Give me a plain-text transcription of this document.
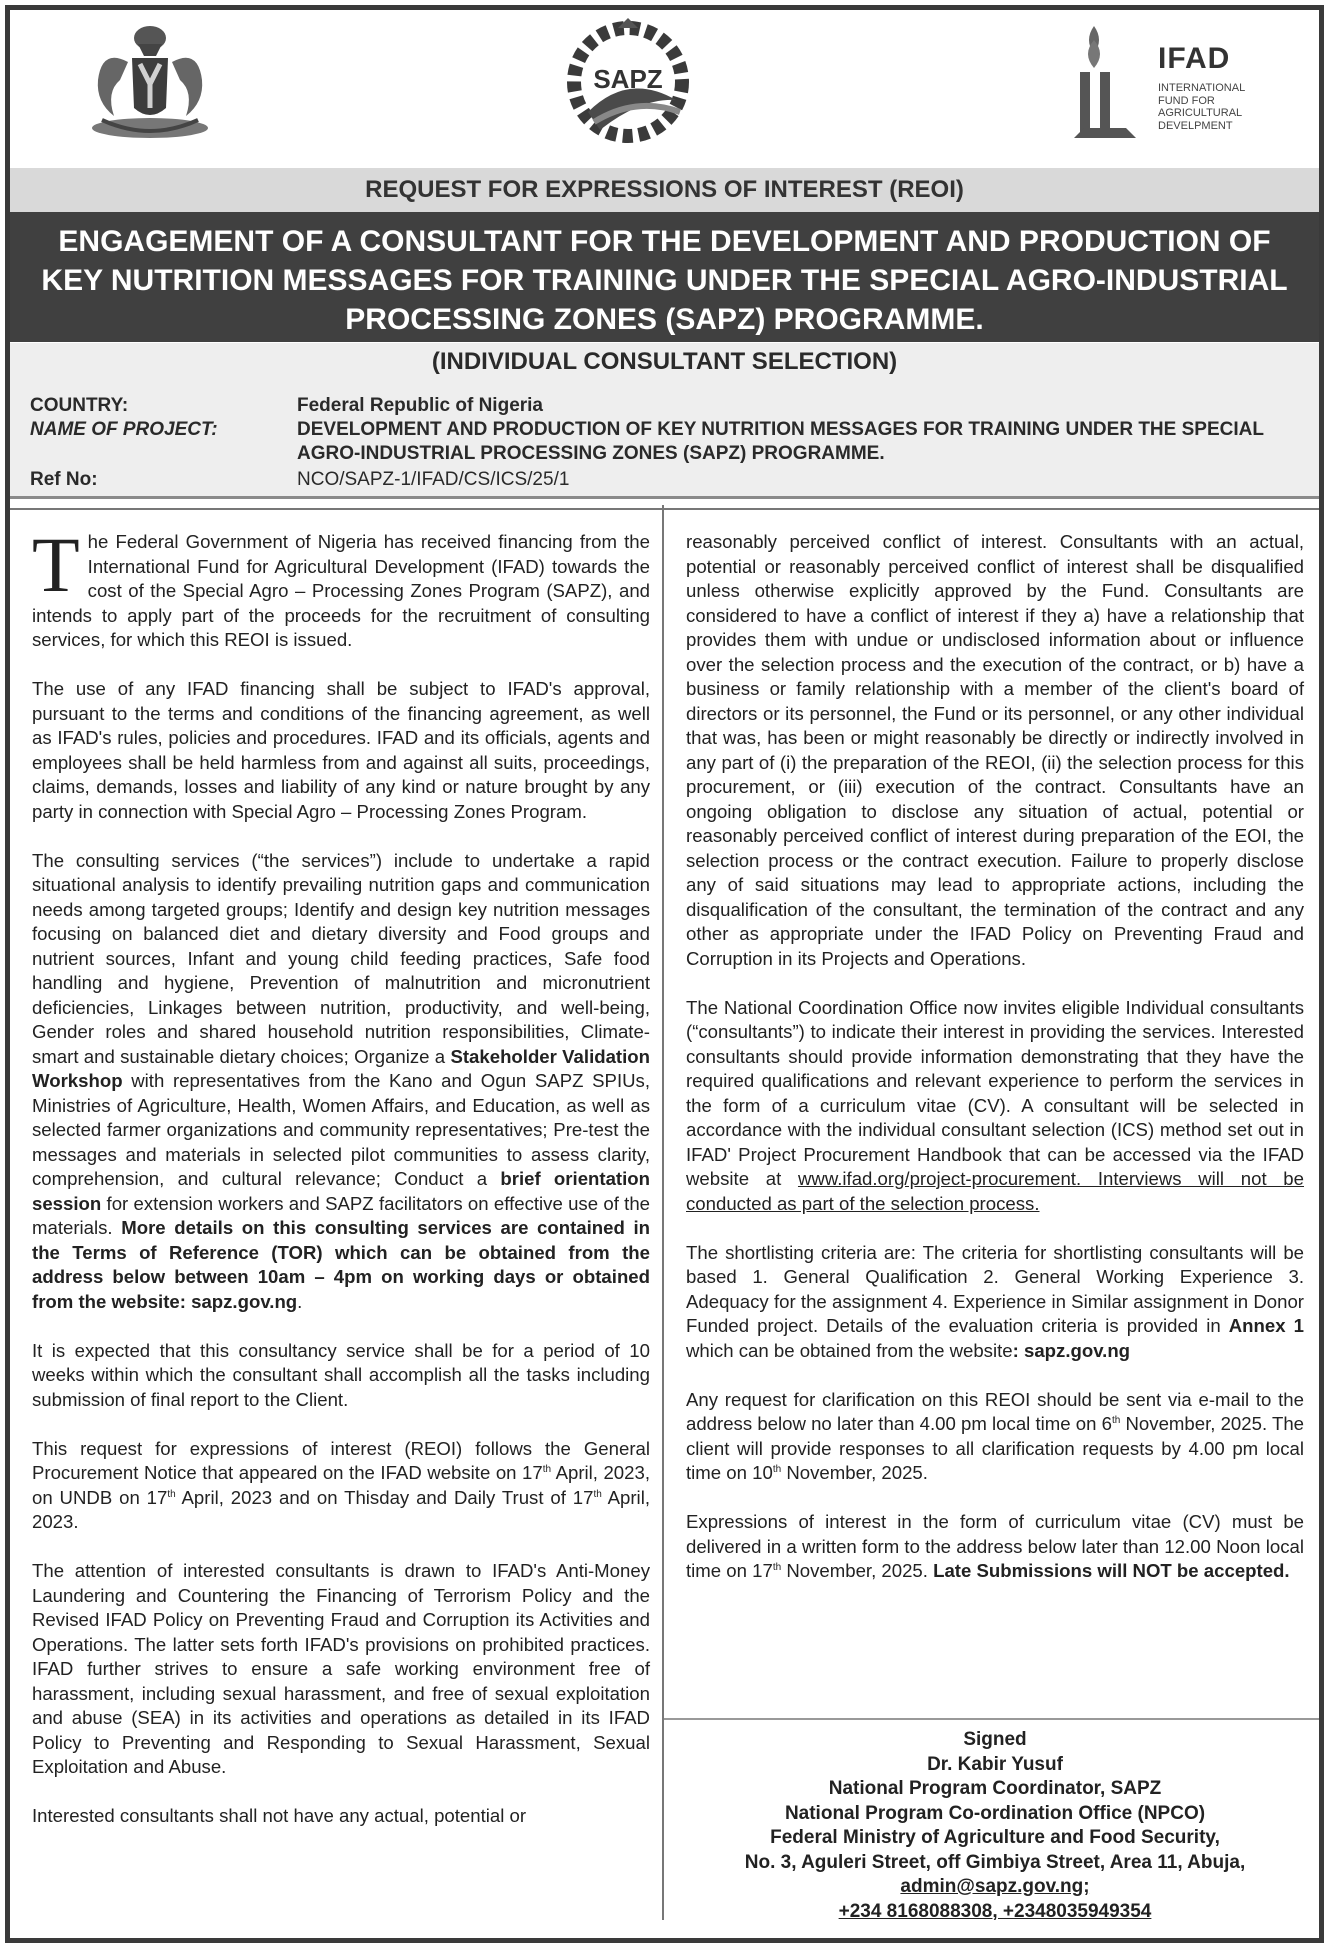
SAPZ
IFAD
INTERNATIONAL
FUND FOR
AGRICULTURAL
DEVELPMENT
REQUEST FOR EXPRESSIONS OF INTEREST (REOI)
ENGAGEMENT OF A CONSULTANT FOR THE DEVELOPMENT AND PRODUCTION OF
KEY NUTRITION MESSAGES FOR TRAINING UNDER THE SPECIAL AGRO-INDUSTRIAL
PROCESSING ZONES (SAPZ) PROGRAMME.
(INDIVIDUAL CONSULTANT SELECTION)
COUNTRY:	Federal Republic of Nigeria
NAME OF PROJECT:	DEVELOPMENT AND PRODUCTION OF KEY NUTRITION MESSAGES FOR TRAINING UNDER THE SPECIAL AGRO-INDUSTRIAL PROCESSING ZONES (SAPZ) PROGRAMME.
Ref No:	NCO/SAPZ-1/IFAD/CS/ICS/25/1

The Federal Government of Nigeria has received financing from the International Fund for Agricultural Development (IFAD) towards the cost of the Special Agro – Processing Zones Program (SAPZ), and intends to apply part of the proceeds for the recruitment of consulting services, for which this REOI is issued.

The use of any IFAD financing shall be subject to IFAD's approval, pursuant to the terms and conditions of the financing agreement, as well as IFAD's rules, policies and procedures. IFAD and its officials, agents and employees shall be held harmless from and against all suits, proceedings, claims, demands, losses and liability of any kind or nature brought by any party in connection with Special Agro – Processing Zones Program.

The consulting services (“the services”) include to undertake a rapid situational analysis to identify prevailing nutrition gaps and communication needs among targeted groups; Identify and design key nutrition messages focusing on balanced diet and dietary diversity and Food groups and nutrient sources, Infant and young child feeding practices, Safe food handling and hygiene, Prevention of malnutrition and micronutrient deficiencies, Linkages between nutrition, productivity, and well-being, Gender roles and shared household nutrition responsibilities, Climate-smart and sustainable dietary choices; Organize a Stakeholder Validation Workshop with representatives from the Kano and Ogun SAPZ SPIUs, Ministries of Agriculture, Health, Women Affairs, and Education, as well as selected farmer organizations and community representatives; Pre-test the messages and materials in selected pilot communities to assess clarity, comprehension, and cultural relevance; Conduct a brief orientation session for extension workers and SAPZ facilitators on effective use of the materials. More details on this consulting services are contained in the Terms of Reference (TOR) which can be obtained from the address below between 10am – 4pm on working days or obtained from the website: sapz.gov.ng.

It is expected that this consultancy service shall be for a period of 10 weeks within which the consultant shall accomplish all the tasks including submission of final report to the Client.

This request for expressions of interest (REOI) follows the General Procurement Notice that appeared on the IFAD website on 17th April, 2023, on UNDB on 17th April, 2023 and on Thisday and Daily Trust of 17th April, 2023.

The attention of interested consultants is drawn to IFAD's Anti-Money Laundering and Countering the Financing of Terrorism Policy and the Revised IFAD Policy on Preventing Fraud and Corruption its Activities and Operations. The latter sets forth IFAD's provisions on prohibited practices. IFAD further strives to ensure a safe working environment free of harassment, including sexual harassment, and free of sexual exploitation and abuse (SEA) in its activities and operations as detailed in its IFAD Policy to Preventing and Responding to Sexual Harassment, Sexual Exploitation and Abuse.

Interested consultants shall not have any actual, potential or

reasonably perceived conflict of interest. Consultants with an actual, potential or reasonably perceived conflict of interest shall be disqualified unless otherwise explicitly approved by the Fund. Consultants are considered to have a conflict of interest if they a) have a relationship that provides them with undue or undisclosed information about or influence over the selection process and the execution of the contract, or b) have a business or family relationship with a member of the client's board of directors or its personnel, the Fund or its personnel, or any other individual that was, has been or might reasonably be directly or indirectly involved in any part of (i) the preparation of the REOI, (ii) the selection process for this procurement, or (iii) execution of the contract. Consultants have an ongoing obligation to disclose any situation of actual, potential or reasonably perceived conflict of interest during preparation of the EOI, the selection process or the contract execution. Failure to properly disclose any of said situations may lead to appropriate actions, including the disqualification of the consultant, the termination of the contract and any other as appropriate under the IFAD Policy on Preventing Fraud and Corruption in its Projects and Operations.

The National Coordination Office now invites eligible Individual consultants (“consultants”) to indicate their interest in providing the services. Interested consultants should provide information demonstrating that they have the required qualifications and relevant experience to perform the services in the form of a curriculum vitae (CV). A consultant will be selected in accordance with the individual consultant selection (ICS) method set out in IFAD' Project Procurement Handbook that can be accessed via the IFAD website at www.ifad.org/project-procurement. Interviews will not be conducted as part of the selection process.

The shortlisting criteria are: The criteria for shortlisting consultants will be based 1. General Qualification 2. General Working Experience 3. Adequacy for the assignment 4. Experience in Similar assignment in Donor Funded project. Details of the evaluation criteria is provided in Annex 1 which can be obtained from the website: sapz.gov.ng

Any request for clarification on this REOI should be sent via e-mail to the address below no later than 4.00 pm local time on 6th November, 2025. The client will provide responses to all clarification requests by 4.00 pm local time on 10th November, 2025.

Expressions of interest in the form of curriculum vitae (CV) must be delivered in a written form to the address below later than 12.00 Noon local time on 17th November, 2025. Late Submissions will NOT be accepted.

Signed
Dr. Kabir Yusuf
National Program Coordinator, SAPZ
National Program Co-ordination Office (NPCO)
Federal Ministry of Agriculture and Food Security,
No. 3, Aguleri Street, off Gimbiya Street, Area 11, Abuja,
admin@sapz.gov.ng;
+234 8168088308, +2348035949354
